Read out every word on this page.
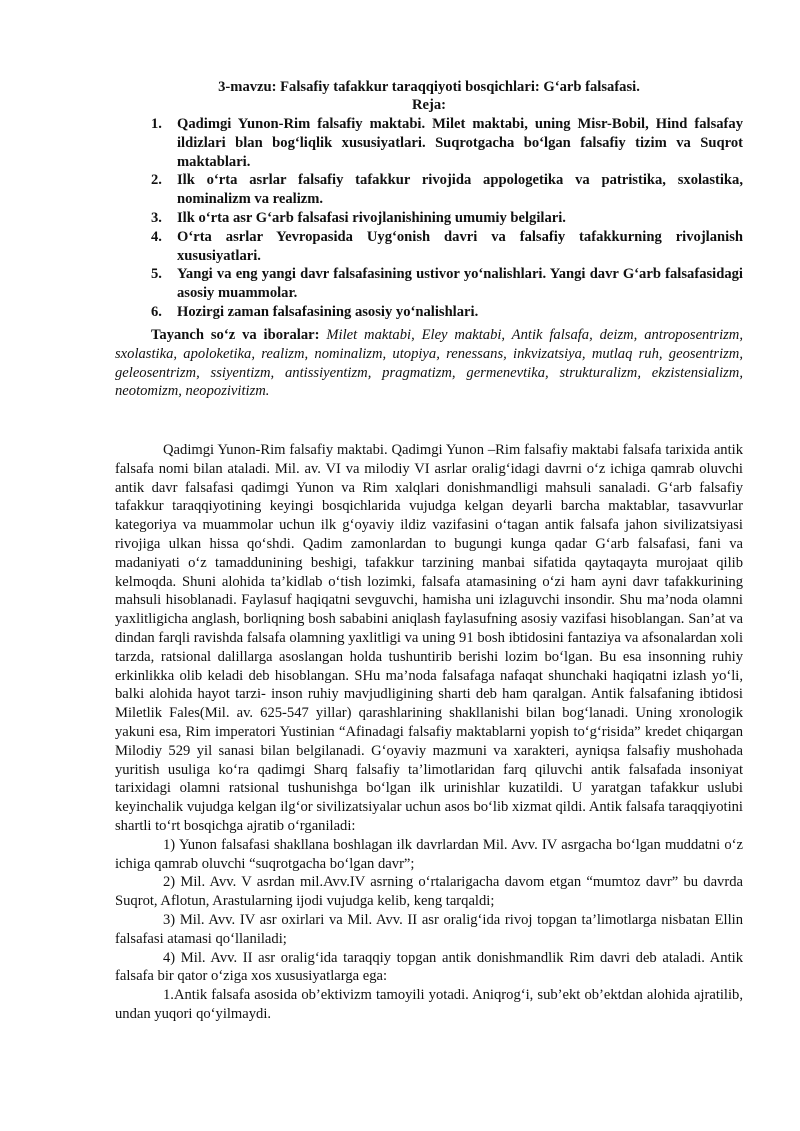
3-mavzu: Falsafiy tafakkur taraqqiyoti bosqichlari: G‘arb falsafasi.

Reja:

1. Qadimgi Yunon-Rim falsafiy maktabi. Milet maktabi, uning Misr-Bobil, Hind falsafay ildizlari blan bog‘liqlik xususiyatlari. Suqrotgacha bo‘lgan falsafiy tizim va Suqrot maktablari.
2. Ilk o‘rta asrlar falsafiy tafakkur rivojida appologetika va patristika, sxolastika, nominalizm va realizm.
3. Ilk o‘rta asr G‘arb falsafasi rivojlanishining umumiy belgilari.
4. O‘rta asrlar Yevropasida Uyg‘onish davri va falsafiy tafakkurning rivojlanish xususiyatlari.
5. Yangi va eng yangi davr falsafasining ustivor yo‘nalishlari. Yangi davr G‘arb falsafasidagi asosiy muammolar.
6. Hozirgi zaman falsafasining asosiy yo‘nalishlari.

Tayanch so‘z va iboralar: Milet maktabi, Eley maktabi, Antik falsafa, deizm, antroposentrizm, sxolastika, apoloketika, realizm, nominalizm, utopiya, renessans, inkvizatsiya, mutlaq ruh, geosentrizm, geleosentrizm, ssiyentizm, antissiyentizm, pragmatizm, germenevtika, strukturalizm, ekzistensializm, neotomizm, neopozivitizm.

Qadimgi Yunon-Rim falsafiy maktabi. Qadimgi Yunon –Rim falsafiy maktabi falsafa tarixida antik falsafa nomi bilan ataladi. Mil. av. VI va milodiy VI asrlar oralig‘idagi davrni o‘z ichiga qamrab oluvchi antik davr falsafasi qadimgi Yunon va Rim xalqlari donishmandligi mahsuli sanaladi. G‘arb falsafiy tafakkur taraqqiyotining keyingi bosqichlarida vujudga kelgan deyarli barcha maktablar, tasavvurlar kategoriya va muammolar uchun ilk g‘oyaviy ildiz vazifasini o‘tagan antik falsafa jahon sivilizatsiyasi rivojiga ulkan hissa qo‘shdi. Qadim zamonlardan to bugungi kunga qadar G‘arb falsafasi, fani va madaniyati o‘z tamaddunining beshigi, tafakkur tarzining manbai sifatida qaytaqayta murojaat qilib kelmoqda. Shuni alohida ta’kidlab o‘tish lozimki, falsafa atamasining o‘zi ham ayni davr tafakkurining mahsuli hisoblanadi. Faylasuf haqiqatni sevguvchi, hamisha uni izlaguvchi insondir. Shu ma’noda olamni yaxlitligicha anglash, borliqning bosh sababini aniqlash faylasufning asosiy vazifasi hisoblangan. San’at va dindan farqli ravishda falsafa olamning yaxlitligi va uning 91 bosh ibtidosini fantaziya va afsonalardan xoli tarzda, ratsional dalillarga asoslangan holda tushuntirib berishi lozim bo‘lgan. Bu esa insonning ruhiy erkinlikka olib keladi deb hisoblangan. SHu ma’noda falsafaga nafaqat shunchaki haqiqatni izlash yo‘li, balki alohida hayot tarzi- inson ruhiy mavjudligining sharti deb ham qaralgan. Antik falsafaning ibtidosi Miletlik Fales(Mil. av. 625-547 yillar) qarashlarining shakllanishi bilan bog‘lanadi. Uning xronologik yakuni esa, Rim imperatori Yustinian “Afinadagi falsafiy maktablarni yopish to‘g‘risida” kredet chiqargan Milodiy 529 yil sanasi bilan belgilanadi. G‘oyaviy mazmuni va xarakteri, ayniqsa falsafiy mushohada yuritish usuliga ko‘ra qadimgi Sharq falsafiy ta’limotlaridan farq qiluvchi antik falsafada insoniyat tarixidagi olamni ratsional tushunishga bo‘lgan ilk urinishlar kuzatildi. U yaratgan tafakkur uslubi keyinchalik vujudga kelgan ilg‘or sivilizatsiyalar uchun asos bo‘lib xizmat qildi. Antik falsafa taraqqiyotini shartli to‘rt bosqichga ajratib o‘rganiladi:

1) Yunon falsafasi shakllana boshlagan ilk davrlardan Mil. Avv. IV asrgacha bo‘lgan muddatni o‘z ichiga qamrab oluvchi “suqrotgacha bo‘lgan davr”;

2) Mil. Avv. V asrdan mil.Avv.IV asrning o‘rtalarigacha davom etgan “mumtoz davr” bu davrda Suqrot, Aflotun, Arastularning ijodi vujudga kelib, keng tarqaldi;

3) Mil. Avv. IV asr oxirlari va Mil. Avv. II asr oralig‘ida rivoj topgan ta’limotlarga nisbatan Ellin falsafasi atamasi qo‘llaniladi;

4) Mil. Avv. II asr oralig‘ida taraqqiy topgan antik donishmandlik Rim davri deb ataladi. Antik falsafa bir qator o‘ziga xos xususiyatlarga ega:

1.Antik falsafa asosida ob’ektivizm tamoyili yotadi. Aniqrog‘i, sub’ekt ob’ektdan alohida ajratilib, undan yuqori qo‘yilmaydi.
